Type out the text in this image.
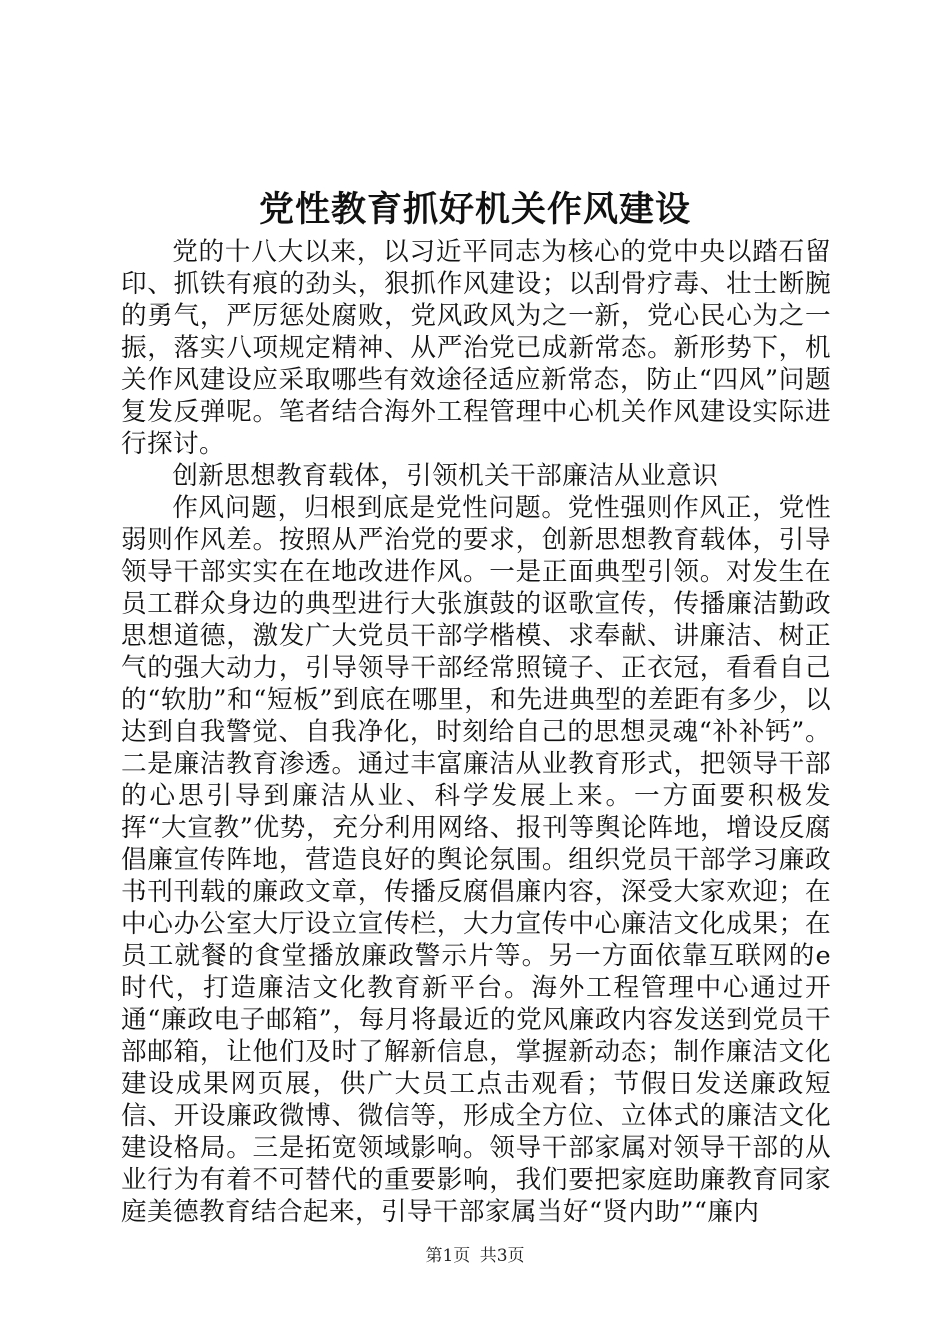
党性教育抓好机关作风建设

党的十八大以来，以习近平同志为核心的党中央以踏石留印、抓铁有痕的劲头，狠抓作风建设；以刮骨疗毒、壮士断腕的勇气，严厉惩处腐败，党风政风为之一新，党心民心为之一振，落实八项规定精神、从严治党已成新常态。新形势下，机关作风建设应采取哪些有效途径适应新常态，防止“四风”问题复发反弹呢。笔者结合海外工程管理中心机关作风建设实际进行探讨。

创新思想教育载体，引领机关干部廉洁从业意识

作风问题，归根到底是党性问题。党性强则作风正，党性弱则作风差。按照从严治党的要求，创新思想教育载体，引导领导干部实实在在地改进作风。一是正面典型引领。对发生在员工群众身边的典型进行大张旗鼓的讴歌宣传，传播廉洁勤政思想道德，激发广大党员干部学楷模、求奉献、讲廉洁、树正气的强大动力，引导领导干部经常照镜子、正衣冠，看看自己的“软肋”和“短板”到底在哪里，和先进典型的差距有多少，以达到自我警觉、自我净化，时刻给自己的思想灵魂“补补钙”。二是廉洁教育渗透。通过丰富廉洁从业教育形式，把领导干部的心思引导到廉洁从业、科学发展上来。一方面要积极发挥“大宣教”优势，充分利用网络、报刊等舆论阵地，增设反腐倡廉宣传阵地，营造良好的舆论氛围。组织党员干部学习廉政书刊刊载的廉政文章，传播反腐倡廉内容，深受大家欢迎；在中心办公室大厅设立宣传栏，大力宣传中心廉洁文化成果；在员工就餐的食堂播放廉政警示片等。另一方面依靠互联网的e时代，打造廉洁文化教育新平台。海外工程管理中心通过开通“廉政电子邮箱”，每月将最近的党风廉政内容发送到党员干部邮箱，让他们及时了解新信息，掌握新动态；制作廉洁文化建设成果网页展，供广大员工点击观看；节假日发送廉政短信、开设廉政微博、微信等，形成全方位、立体式的廉洁文化建设格局。三是拓宽领域影响。领导干部家属对领导干部的从业行为有着不可替代的重要影响，我们要把家庭助廉教育同家庭美德教育结合起来，引导干部家属当好“贤内助”“廉内

第1页 共3页
